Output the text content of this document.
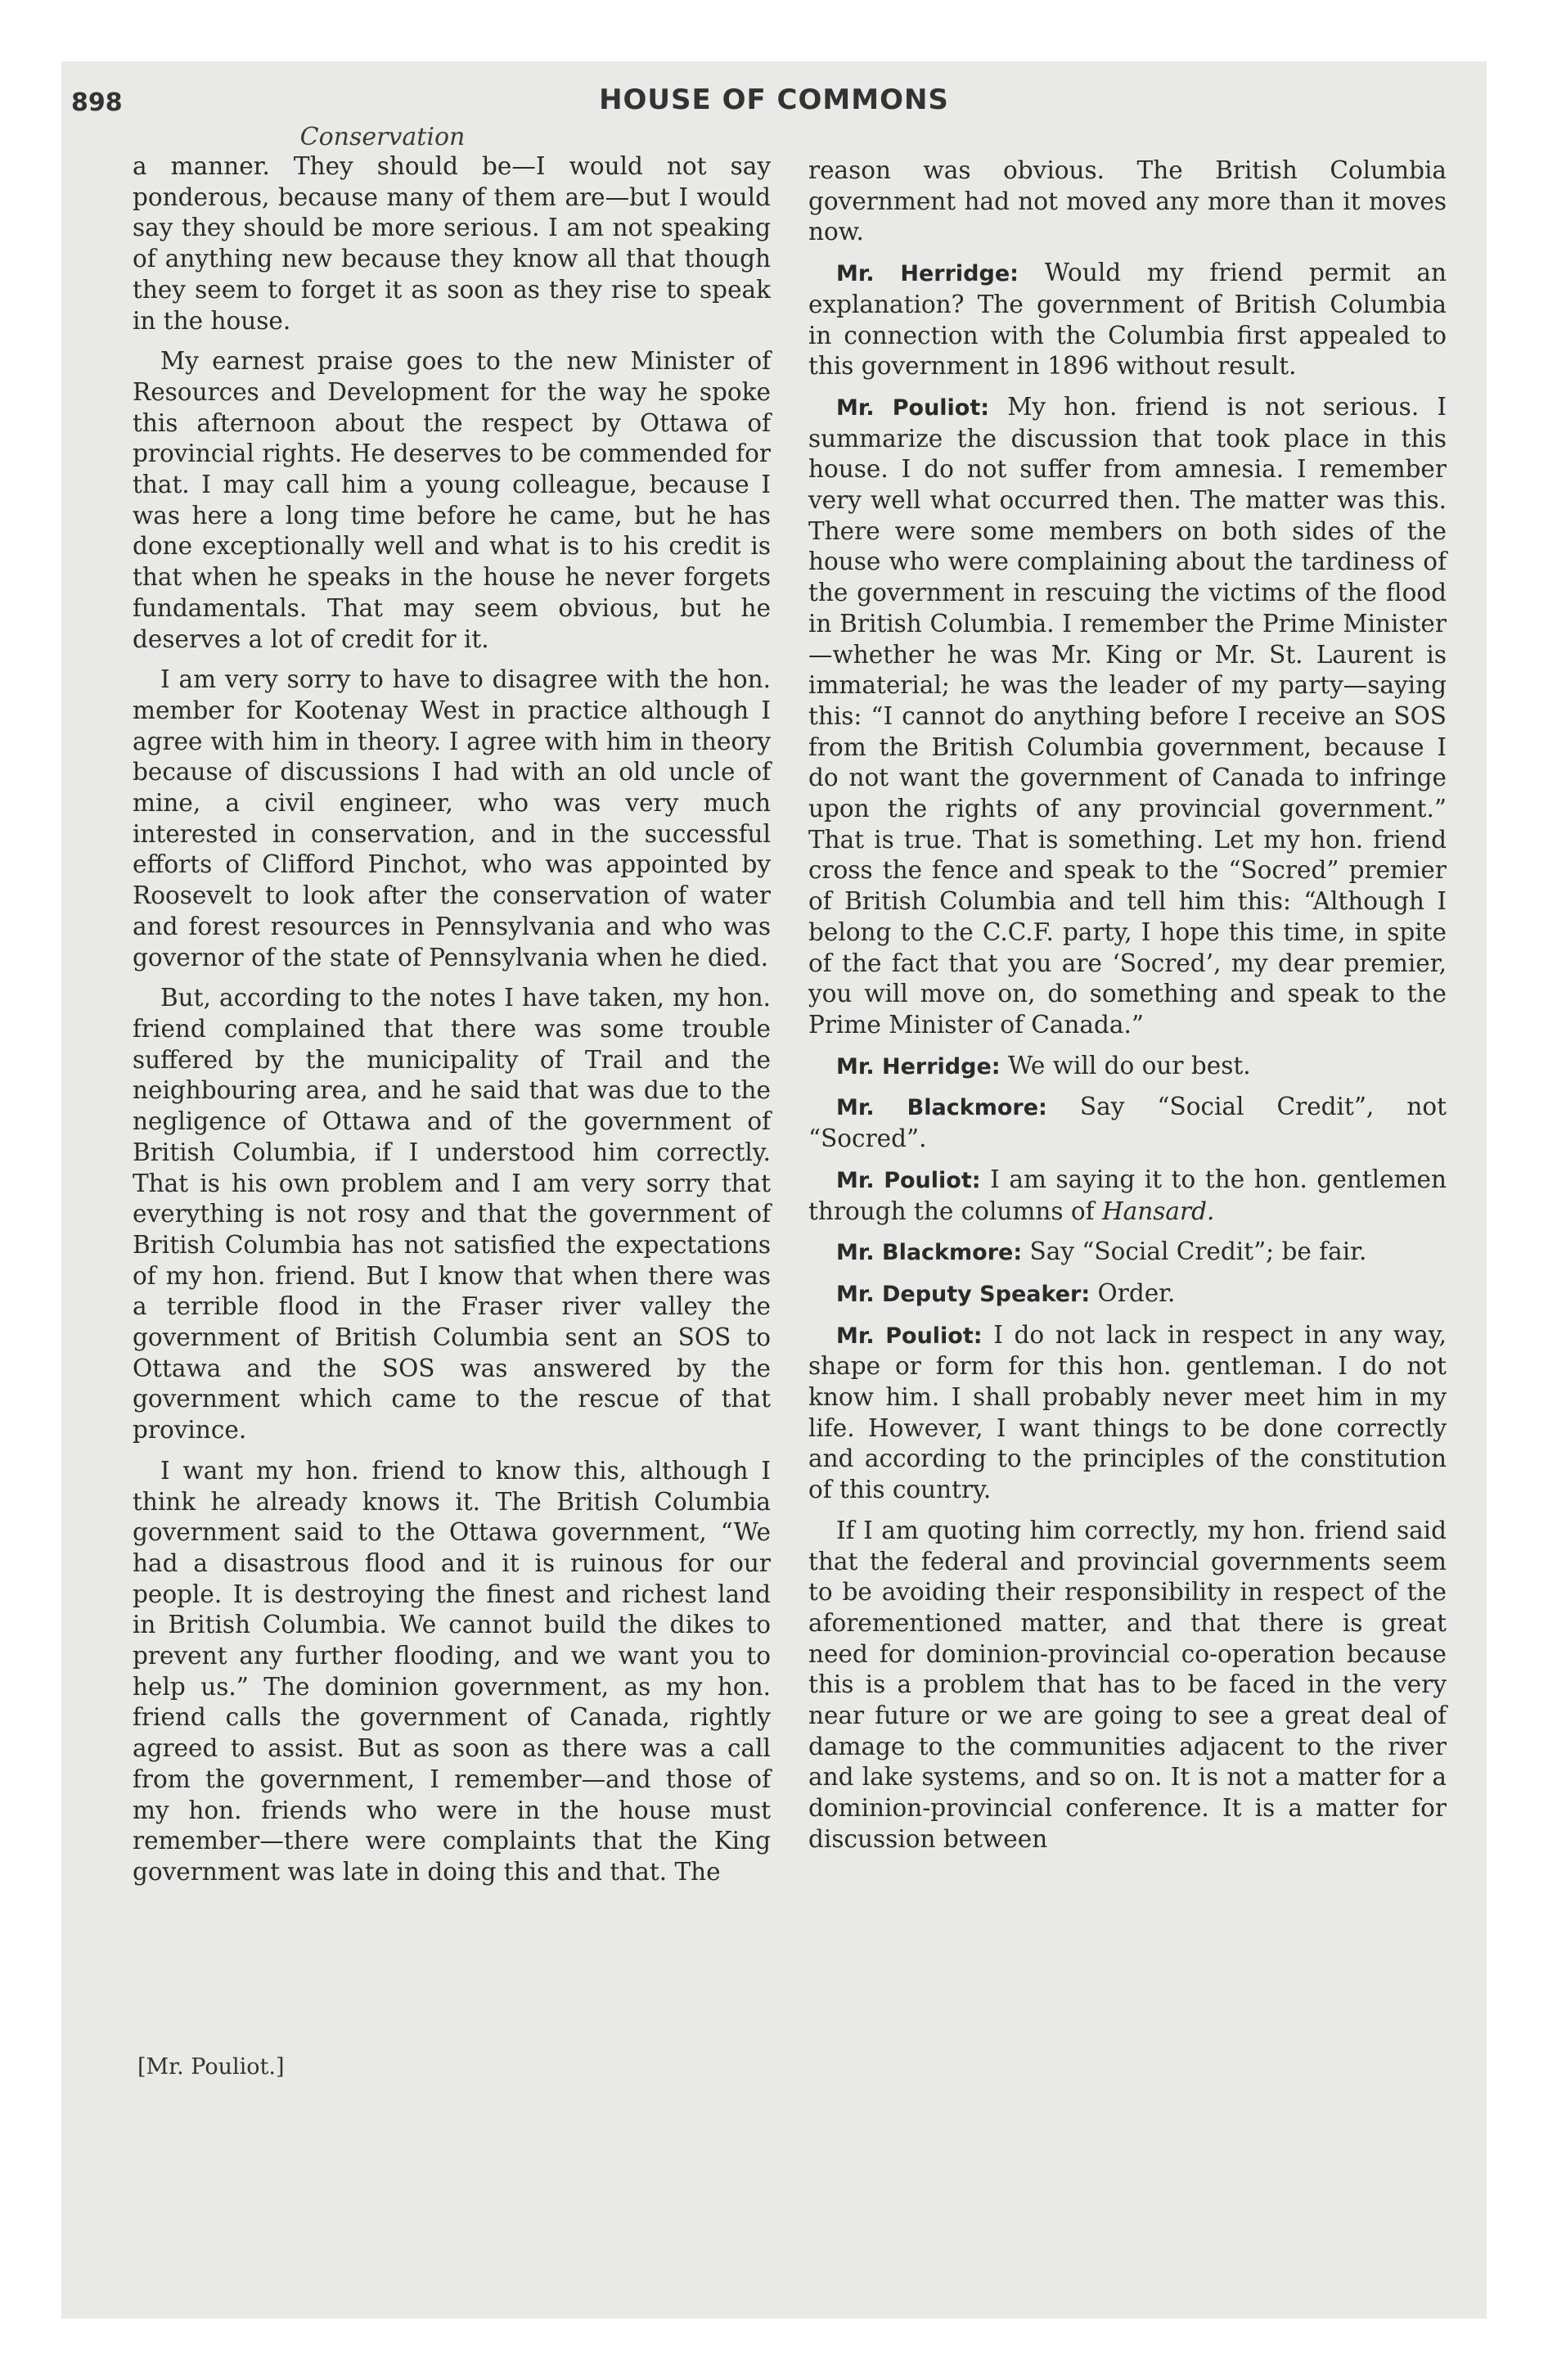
898	HOUSE OF COMMONS
Conservation

a manner. They should be—I would not say ponderous, because many of them are—but I would say they should be more serious. I am not speaking of anything new because they know all that though they seem to forget it as soon as they rise to speak in the house.

My earnest praise goes to the new Minister of Resources and Development for the way he spoke this afternoon about the respect by Ottawa of provincial rights. He deserves to be commended for that. I may call him a young colleague, because I was here a long time before he came, but he has done exceptionally well and what is to his credit is that when he speaks in the house he never forgets fundamentals. That may seem obvious, but he deserves a lot of credit for it.

I am very sorry to have to disagree with the hon. member for Kootenay West in practice although I agree with him in theory. I agree with him in theory because of discussions I had with an old uncle of mine, a civil engineer, who was very much interested in conservation, and in the successful efforts of Clifford Pinchot, who was appointed by Roosevelt to look after the conservation of water and forest resources in Pennsylvania and who was governor of the state of Pennsylvania when he died.

But, according to the notes I have taken, my hon. friend complained that there was some trouble suffered by the municipality of Trail and the neighbouring area, and he said that was due to the negligence of Ottawa and of the government of British Columbia, if I understood him correctly. That is his own problem and I am very sorry that everything is not rosy and that the government of British Columbia has not satisfied the expectations of my hon. friend. But I know that when there was a terrible flood in the Fraser river valley the government of British Columbia sent an SOS to Ottawa and the SOS was answered by the government which came to the rescue of that province.

I want my hon. friend to know this, although I think he already knows it. The British Columbia government said to the Ottawa government, “We had a disastrous flood and it is ruinous for our people. It is destroying the finest and richest land in British Columbia. We cannot build the dikes to prevent any further flooding, and we want you to help us.” The dominion government, as my hon. friend calls the government of Canada, rightly agreed to assist. But as soon as there was a call from the government, I remember—and those of my hon. friends who were in the house must remember—there were complaints that the King government was late in doing this and that. The

reason was obvious. The British Columbia government had not moved any more than it moves now.

Mr. Herridge: Would my friend permit an explanation? The government of British Columbia in connection with the Columbia first appealed to this government in 1896 without result.

Mr. Pouliot: My hon. friend is not serious. I summarize the discussion that took place in this house. I do not suffer from amnesia. I remember very well what occurred then. The matter was this. There were some members on both sides of the house who were complaining about the tardiness of the government in rescuing the victims of the flood in British Columbia. I remember the Prime Minister—whether he was Mr. King or Mr. St. Laurent is immaterial; he was the leader of my party—saying this: “I cannot do anything before I receive an SOS from the British Columbia government, because I do not want the government of Canada to infringe upon the rights of any provincial government.” That is true. That is something. Let my hon. friend cross the fence and speak to the “Socred” premier of British Columbia and tell him this: “Although I belong to the C.C.F. party, I hope this time, in spite of the fact that you are ‘Socred’, my dear premier, you will move on, do something and speak to the Prime Minister of Canada.”

Mr. Herridge: We will do our best.

Mr. Blackmore: Say “Social Credit”, not “Socred”.

Mr. Pouliot: I am saying it to the hon. gentlemen through the columns of Hansard.

Mr. Blackmore: Say “Social Credit”; be fair.

Mr. Deputy Speaker: Order.

Mr. Pouliot: I do not lack in respect in any way, shape or form for this hon. gentleman. I do not know him. I shall probably never meet him in my life. However, I want things to be done correctly and according to the principles of the constitution of this country.

If I am quoting him correctly, my hon. friend said that the federal and provincial governments seem to be avoiding their responsibility in respect of the aforementioned matter, and that there is great need for dominion-provincial co-operation because this is a problem that has to be faced in the very near future or we are going to see a great deal of damage to the communities adjacent to the river and lake systems, and so on. It is not a matter for a dominion-provincial conference. It is a matter for discussion between

[Mr. Pouliot.]
